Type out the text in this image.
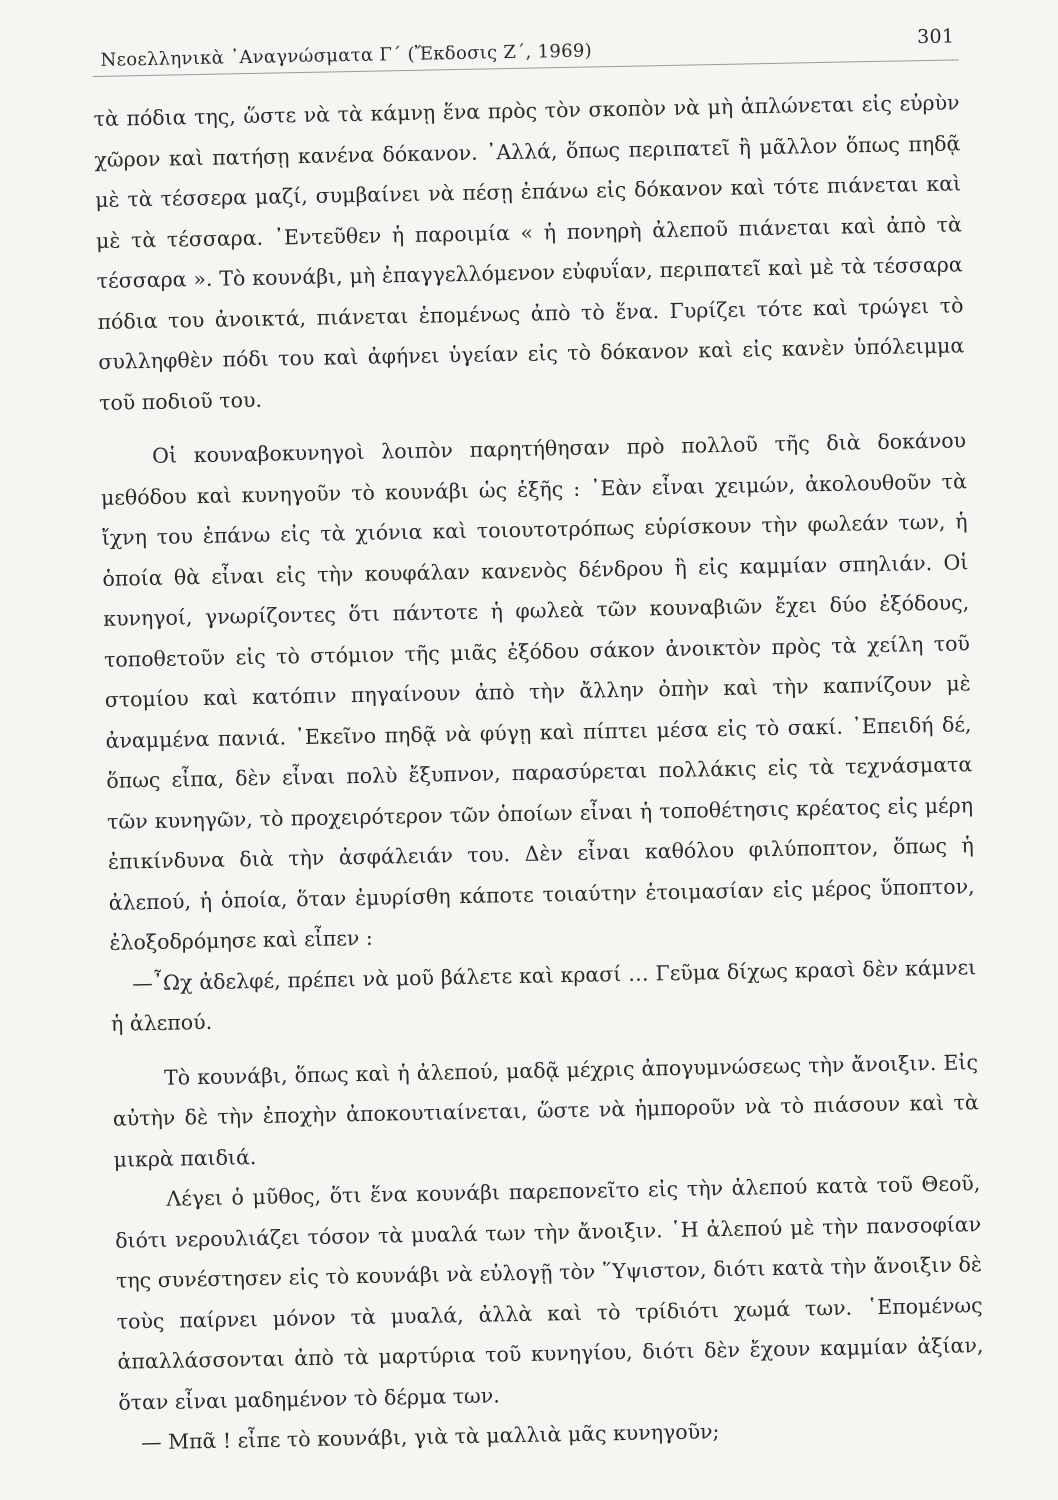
Νεοελληνικὰ ᾿Αναγνώσματα Γ΄ (Ἔκδοσις Ζ΄, 1969)
301

τὰ πόδια της, ὥστε νὰ τὰ κάμνῃ ἕνα πρὸς τὸν σκοπὸν νὰ μὴ ἁπλώνεται εἰς εὐρὺν χῶρον καὶ πατήσῃ κανένα δόκανον. ᾿Αλλά, ὅπως περιπατεῖ ἢ μᾶλλον ὅπως πηδᾷ μὲ τὰ τέσσερα μαζί, συμβαίνει νὰ πέσῃ ἐπάνω εἰς δόκανον καὶ τότε πιάνεται καὶ μὲ τὰ τέσσαρα. ᾿Εντεῦθεν ἡ παροιμία « ἡ πονηρὴ ἀλεποῦ πιάνεται καὶ ἀπὸ τὰ τέσσαρα ». Τὸ κουνάβι, μὴ ἐπαγγελλόμενον εὐφυΐαν, περιπατεῖ καὶ μὲ τὰ τέσσαρα πόδια του ἀνοικτά, πιάνεται ἑπομένως ἀπὸ τὸ ἕνα. Γυρίζει τότε καὶ τρώγει τὸ συλληφθὲν πόδι του καὶ ἀφήνει ὑγείαν εἰς τὸ δόκανον καὶ εἰς κανὲν ὑπόλειμμα τοῦ ποδιοῦ του.

Οἱ κουναβοκυνηγοὶ λοιπὸν παρητήθησαν πρὸ πολλοῦ τῆς διὰ δοκάνου μεθόδου καὶ κυνηγοῦν τὸ κουνάβι ὡς ἑξῆς : ᾿Εὰν εἶναι χειμών, ἀκολουθοῦν τὰ ἴχνη του ἐπάνω εἰς τὰ χιόνια καὶ τοιουτοτρόπως εὑρίσκουν τὴν φωλεάν των, ἡ ὁποία θὰ εἶναι εἰς τὴν κουφάλαν κανενὸς δένδρου ἢ εἰς καμμίαν σπηλιάν. Οἱ κυνηγοί, γνωρίζοντες ὅτι πάντοτε ἡ φωλεὰ τῶν κουναβιῶν ἔχει δύο ἐξόδους, τοποθετοῦν εἰς τὸ στόμιον τῆς μιᾶς ἐξόδου σάκον ἀνοικτὸν πρὸς τὰ χείλη τοῦ στομίου καὶ κατόπιν πηγαίνουν ἀπὸ τὴν ἄλλην ὀπὴν καὶ τὴν καπνίζουν μὲ ἀναμμένα πανιά. ᾿Εκεῖνο πηδᾷ νὰ φύγῃ καὶ πίπτει μέσα εἰς τὸ σακί. ᾿Επειδή δέ, ὅπως εἶπα, δὲν εἶναι πολὺ ἔξυπνον, παρασύρεται πολλάκις εἰς τὰ τεχνάσματα τῶν κυνηγῶν, τὸ προχειρότερον τῶν ὁποίων εἶναι ἡ τοποθέτησις κρέατος εἰς μέρη ἐπικίνδυνα διὰ τὴν ἀσφάλειάν του. Δὲν εἶναι καθόλου φιλύποπτον, ὅπως ἡ ἀλεπού, ἡ ὁποία, ὅταν ἐμυρίσθη κάποτε τοιαύτην ἑτοιμασίαν εἰς μέρος ὕποπτον, ἐλοξοδρόμησε καὶ εἶπεν :

—῏Ωχ ἀδελφέ, πρέπει νὰ μοῦ βάλετε καὶ κρασί … Γεῦμα δίχως κρασὶ δὲν κάμνει ἡ ἀλεπού.

Τὸ κουνάβι, ὅπως καὶ ἡ ἀλεπού, μαδᾷ μέχρις ἀπογυμνώσεως τὴν ἄνοιξιν. Εἰς αὐτὴν δὲ τὴν ἐποχὴν ἀποκουτιαίνεται, ὥστε νὰ ἠμποροῦν νὰ τὸ πιάσουν καὶ τὰ μικρὰ παιδιά.

Λέγει ὁ μῦθος, ὅτι ἕνα κουνάβι παρεπονεῖτο εἰς τὴν ἀλεπού κατὰ τοῦ Θεοῦ, διότι νερουλιάζει τόσον τὰ μυαλά των τὴν ἄνοιξιν. ῾Η ἀλεπού μὲ τὴν πανσοφίαν της συνέστησεν εἰς τὸ κουνάβι νὰ εὐλογῇ τὸν ῞Υψιστον, διότι κατὰ τὴν ἄνοιξιν δὲ τοὺς παίρνει μόνον τὰ μυαλά, ἀλλὰ καὶ τὸ τρίδιότι χωμά των. ῾Επομένως ἀπαλλάσσονται ἀπὸ τὰ μαρτύρια τοῦ κυνηγίου, διότι δὲν ἔχουν καμμίαν ἀξίαν, ὅταν εἶναι μαδημένον τὸ δέρμα των.

— Μπᾶ ! εἶπε τὸ κουνάβι, γιὰ τὰ μαλλιὰ μᾶς κυνηγοῦν;
